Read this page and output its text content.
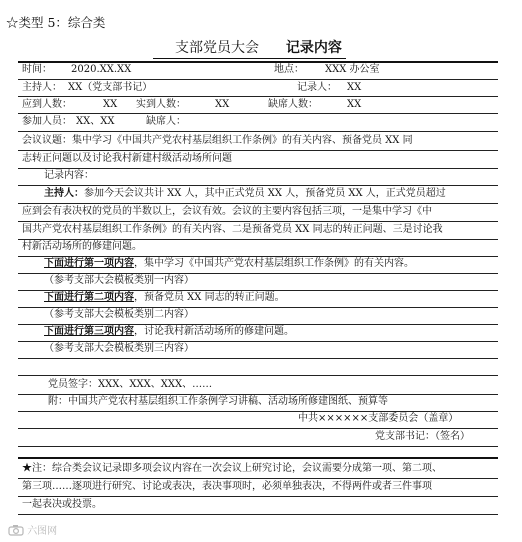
☆类型 5：综合类
支部党员大会 记录内容
时间： 2020.XX.XX	地点： XXX 办公室
主持人： XX（党支部书记）	记录人： XX
应到人数：	XX 实到人数：	XX	缺席人数：	XX
参加人员： XX、XX	缺席人：
会议议题：集中学习《中国共产党农村基层组织工作条例》的有关内容、预备党员 XX 同
志转正问题以及讨论我村新建村级活动场所问题
记录内容：
主持人：参加今天会议共计 XX 人，其中正式党员 XX 人，预备党员 XX 人，正式党员超过
应到会有表决权的党员的半数以上，会议有效。会议的主要内容包括三项，一是集中学习《中
国共产党农村基层组织工作条例》的有关内容、二是预备党员 XX 同志的转正问题、三是讨论我
村新活动场所的修建问题。
下面进行第一项内容，集中学习《中国共产党农村基层组织工作条例》的有关内容。
（参考支部大会模板类别一内容）
下面进行第二项内容，预备党员 XX 同志的转正问题。
（参考支部大会模板类别二内容）
下面进行第三项内容，讨论我村新活动场所的修建问题。
（参考支部大会模板类别三内容）
党员签字：XXX、XXX、XXX、……
附：中国共产党农村基层组织工作条例学习讲稿、活动场所修建图纸、预算等
中共××××××支部委员会（盖章）
党支部书记：（签名）
★注：综合类会议记录即多项会议内容在一次会议上研究讨论，会议需要分成第一项、第二项、
第三项……逐项进行研究、讨论或表决，表决事项时，必须单独表决，不得两件或者三件事项
一起表决或投票。
六图网
